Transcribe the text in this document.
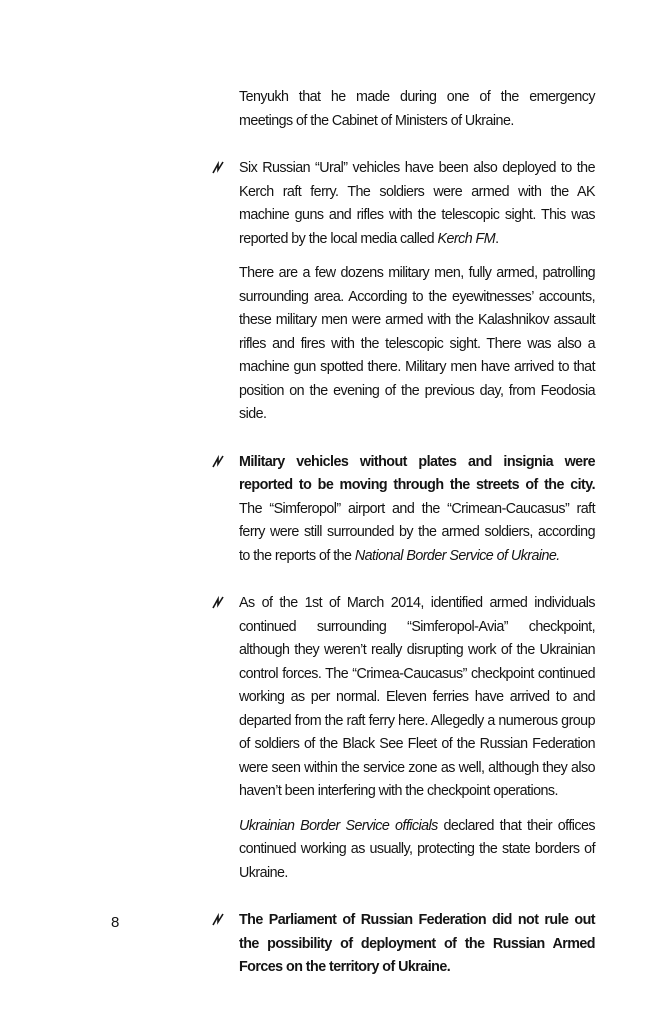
Tenyukh that he made during one of the emergency meetings of the Cabinet of Ministers of Ukraine.

Six Russian “Ural” vehicles have been also deployed to the Kerch raft ferry. The soldiers were armed with the AK machine guns and rifles with the telescopic sight. This was reported by the local media called Kerch FM.

There are a few dozens military men, fully armed, patrolling surrounding area. According to the eyewitnesses’ accounts, these military men were armed with the Kalashnikov assault rifles and fires with the telescopic sight. There was also a machine gun spotted there. Military men have arrived to that position on the evening of the previous day, from Feodosia side.

Military vehicles without plates and insignia were reported to be moving through the streets of the city. The “Simferopol” airport and the “Crimean-Caucasus” raft ferry were still surrounded by the armed soldiers, according to the reports of the National Border Service of Ukraine.

As of the 1st of March 2014, identified armed individuals continued surrounding “Simferopol-Avia” checkpoint, although they weren’t really disrupting work of the Ukrainian control forces. The “Crimea-Caucasus” checkpoint continued working as per normal. Eleven ferries have arrived to and departed from the raft ferry here. Allegedly a numerous group of soldiers of the Black See Fleet of the Russian Federation were seen within the service zone as well, although they also haven’t been interfering with the checkpoint operations.

Ukrainian Border Service officials declared that their offices continued working as usually, protecting the state borders of Ukraine.

The Parliament of Russian Federation did not rule out the possibility of deployment of the Russian Armed Forces on the territory of Ukraine.

8
